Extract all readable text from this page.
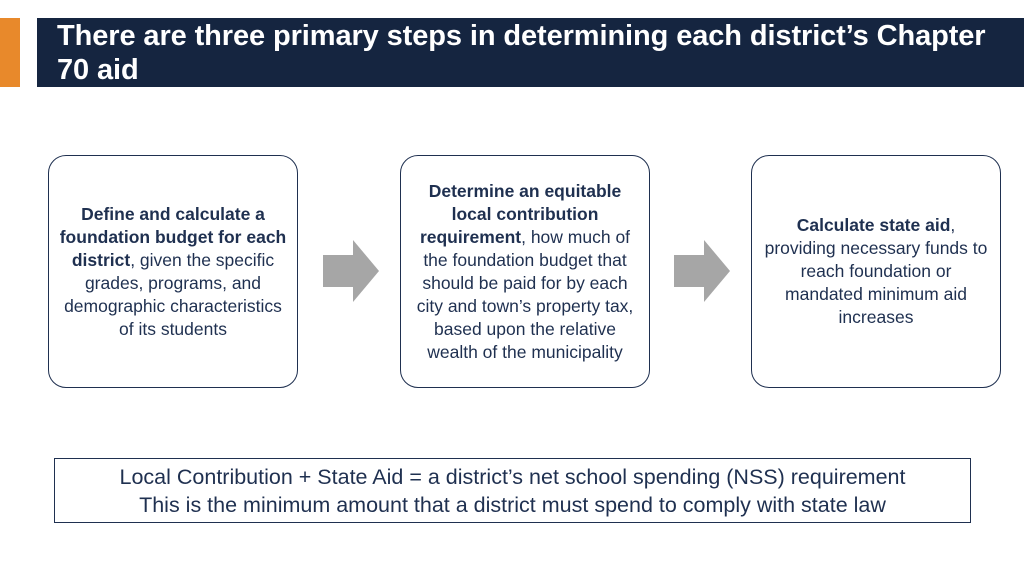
There are three primary steps in determining each district’s Chapter 70 aid
Define and calculate a foundation budget for each district, given the specific grades, programs, and demographic characteristics of its students
Determine an equitable local contribution requirement, how much of the foundation budget that should be paid for by each city and town’s property tax, based upon the relative wealth of the municipality
Calculate state aid, providing necessary funds to reach foundation or mandated minimum aid increases
Local Contribution + State Aid = a district’s net school spending (NSS) requirement
This is the minimum amount that a district must spend to comply with state law
